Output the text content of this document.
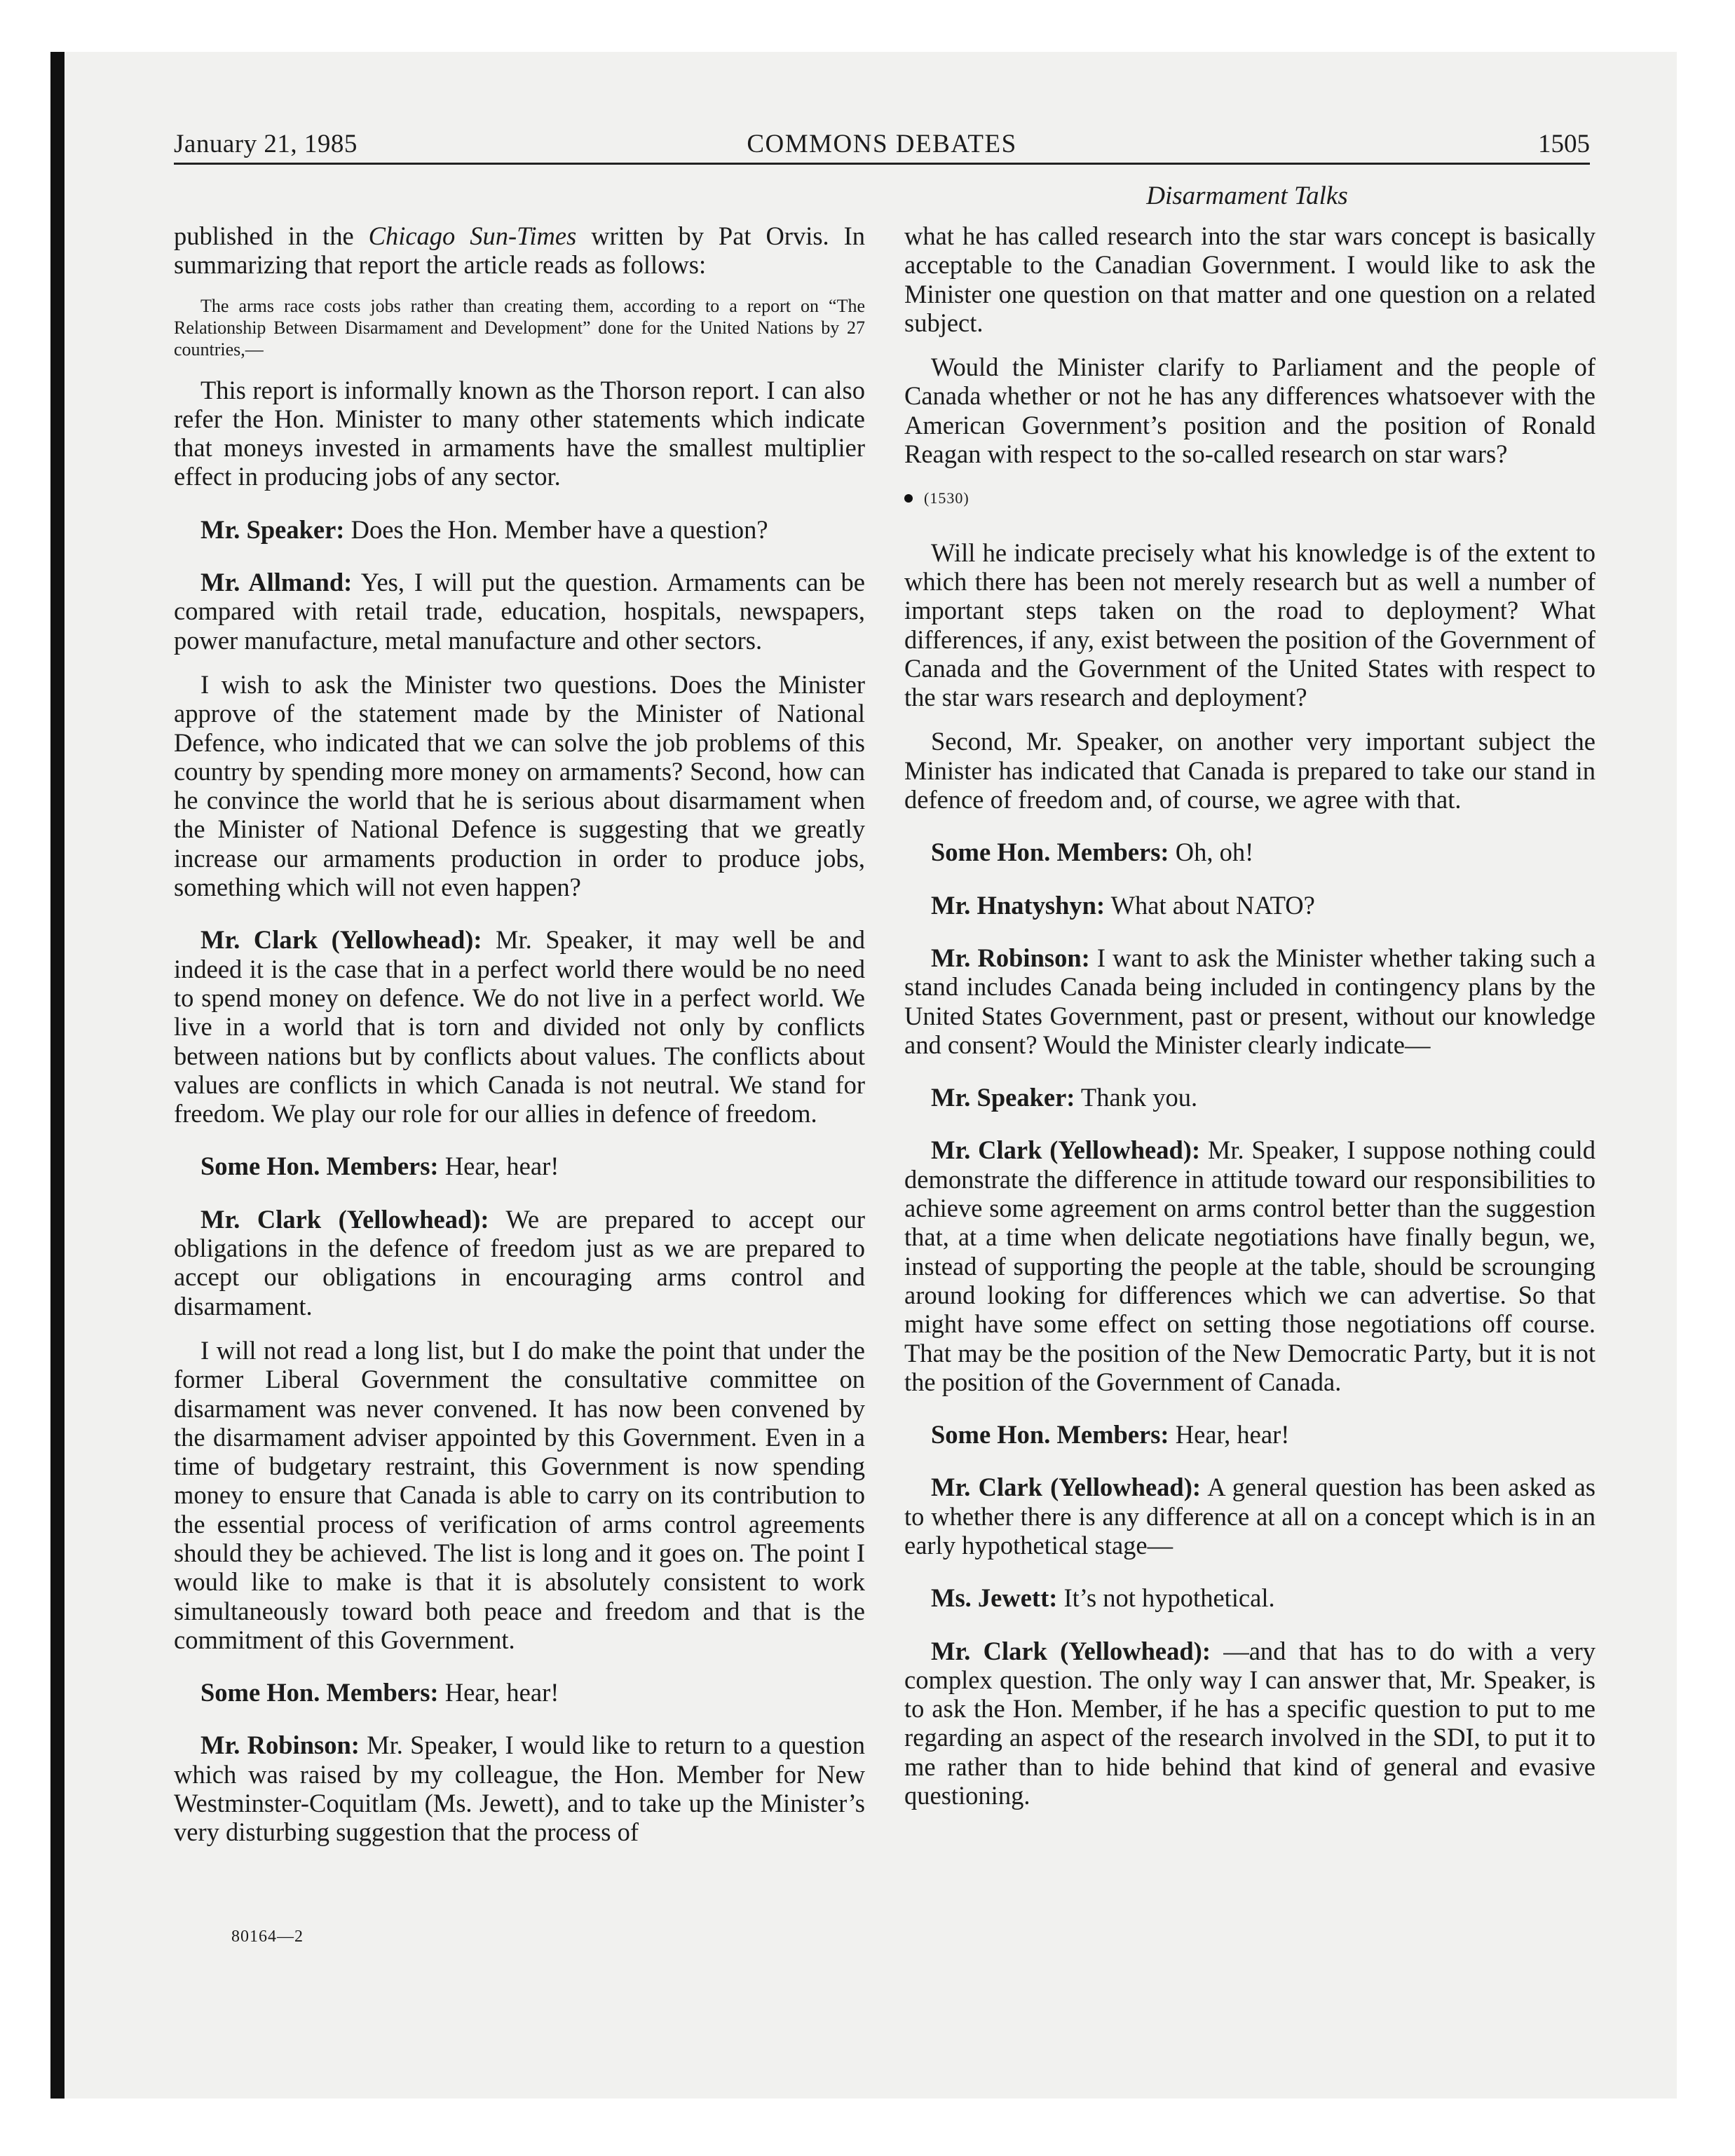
January 21, 1985	COMMONS DEBATES	1505
Disarmament Talks

published in the Chicago Sun-Times written by Pat Orvis. In summarizing that report the article reads as follows:

The arms race costs jobs rather than creating them, according to a report on “The Relationship Between Disarmament and Development” done for the United Nations by 27 countries,—

This report is informally known as the Thorson report. I can also refer the Hon. Minister to many other statements which indicate that moneys invested in armaments have the smallest multiplier effect in producing jobs of any sector.

Mr. Speaker: Does the Hon. Member have a question?

Mr. Allmand: Yes, I will put the question. Armaments can be compared with retail trade, education, hospitals, newspapers, power manufacture, metal manufacture and other sectors.

I wish to ask the Minister two questions. Does the Minister approve of the statement made by the Minister of National Defence, who indicated that we can solve the job problems of this country by spending more money on armaments? Second, how can he convince the world that he is serious about disarmament when the Minister of National Defence is suggesting that we greatly increase our armaments production in order to produce jobs, something which will not even happen?

Mr. Clark (Yellowhead): Mr. Speaker, it may well be and indeed it is the case that in a perfect world there would be no need to spend money on defence. We do not live in a perfect world. We live in a world that is torn and divided not only by conflicts between nations but by conflicts about values. The conflicts about values are conflicts in which Canada is not neutral. We stand for freedom. We play our role for our allies in defence of freedom.

Some Hon. Members: Hear, hear!

Mr. Clark (Yellowhead): We are prepared to accept our obligations in the defence of freedom just as we are prepared to accept our obligations in encouraging arms control and disarmament.

I will not read a long list, but I do make the point that under the former Liberal Government the consultative committee on disarmament was never convened. It has now been convened by the disarmament adviser appointed by this Government. Even in a time of budgetary restraint, this Government is now spending money to ensure that Canada is able to carry on its contribution to the essential process of verification of arms control agreements should they be achieved. The list is long and it goes on. The point I would like to make is that it is absolutely consistent to work simultaneously toward both peace and freedom and that is the commitment of this Government.

Some Hon. Members: Hear, hear!

Mr. Robinson: Mr. Speaker, I would like to return to a question which was raised by my colleague, the Hon. Member for New Westminster-Coquitlam (Ms. Jewett), and to take up the Minister’s very disturbing suggestion that the process of

what he has called research into the star wars concept is basically acceptable to the Canadian Government. I would like to ask the Minister one question on that matter and one question on a related subject.

Would the Minister clarify to Parliament and the people of Canada whether or not he has any differences whatsoever with the American Government’s position and the position of Ronald Reagan with respect to the so-called research on star wars?

(1530)

Will he indicate precisely what his knowledge is of the extent to which there has been not merely research but as well a number of important steps taken on the road to deployment? What differences, if any, exist between the position of the Government of Canada and the Government of the United States with respect to the star wars research and deployment?

Second, Mr. Speaker, on another very important subject the Minister has indicated that Canada is prepared to take our stand in defence of freedom and, of course, we agree with that.

Some Hon. Members: Oh, oh!

Mr. Hnatyshyn: What about NATO?

Mr. Robinson: I want to ask the Minister whether taking such a stand includes Canada being included in contingency plans by the United States Government, past or present, without our knowledge and consent? Would the Minister clearly indicate—

Mr. Speaker: Thank you.

Mr. Clark (Yellowhead): Mr. Speaker, I suppose nothing could demonstrate the difference in attitude toward our responsibilities to achieve some agreement on arms control better than the suggestion that, at a time when delicate negotiations have finally begun, we, instead of supporting the people at the table, should be scrounging around looking for differences which we can advertise. So that might have some effect on setting those negotiations off course. That may be the position of the New Democratic Party, but it is not the position of the Government of Canada.

Some Hon. Members: Hear, hear!

Mr. Clark (Yellowhead): A general question has been asked as to whether there is any difference at all on a concept which is in an early hypothetical stage—

Ms. Jewett: It’s not hypothetical.

Mr. Clark (Yellowhead): —and that has to do with a very complex question. The only way I can answer that, Mr. Speaker, is to ask the Hon. Member, if he has a specific question to put to me regarding an aspect of the research involved in the SDI, to put it to me rather than to hide behind that kind of general and evasive questioning.

80164—2
